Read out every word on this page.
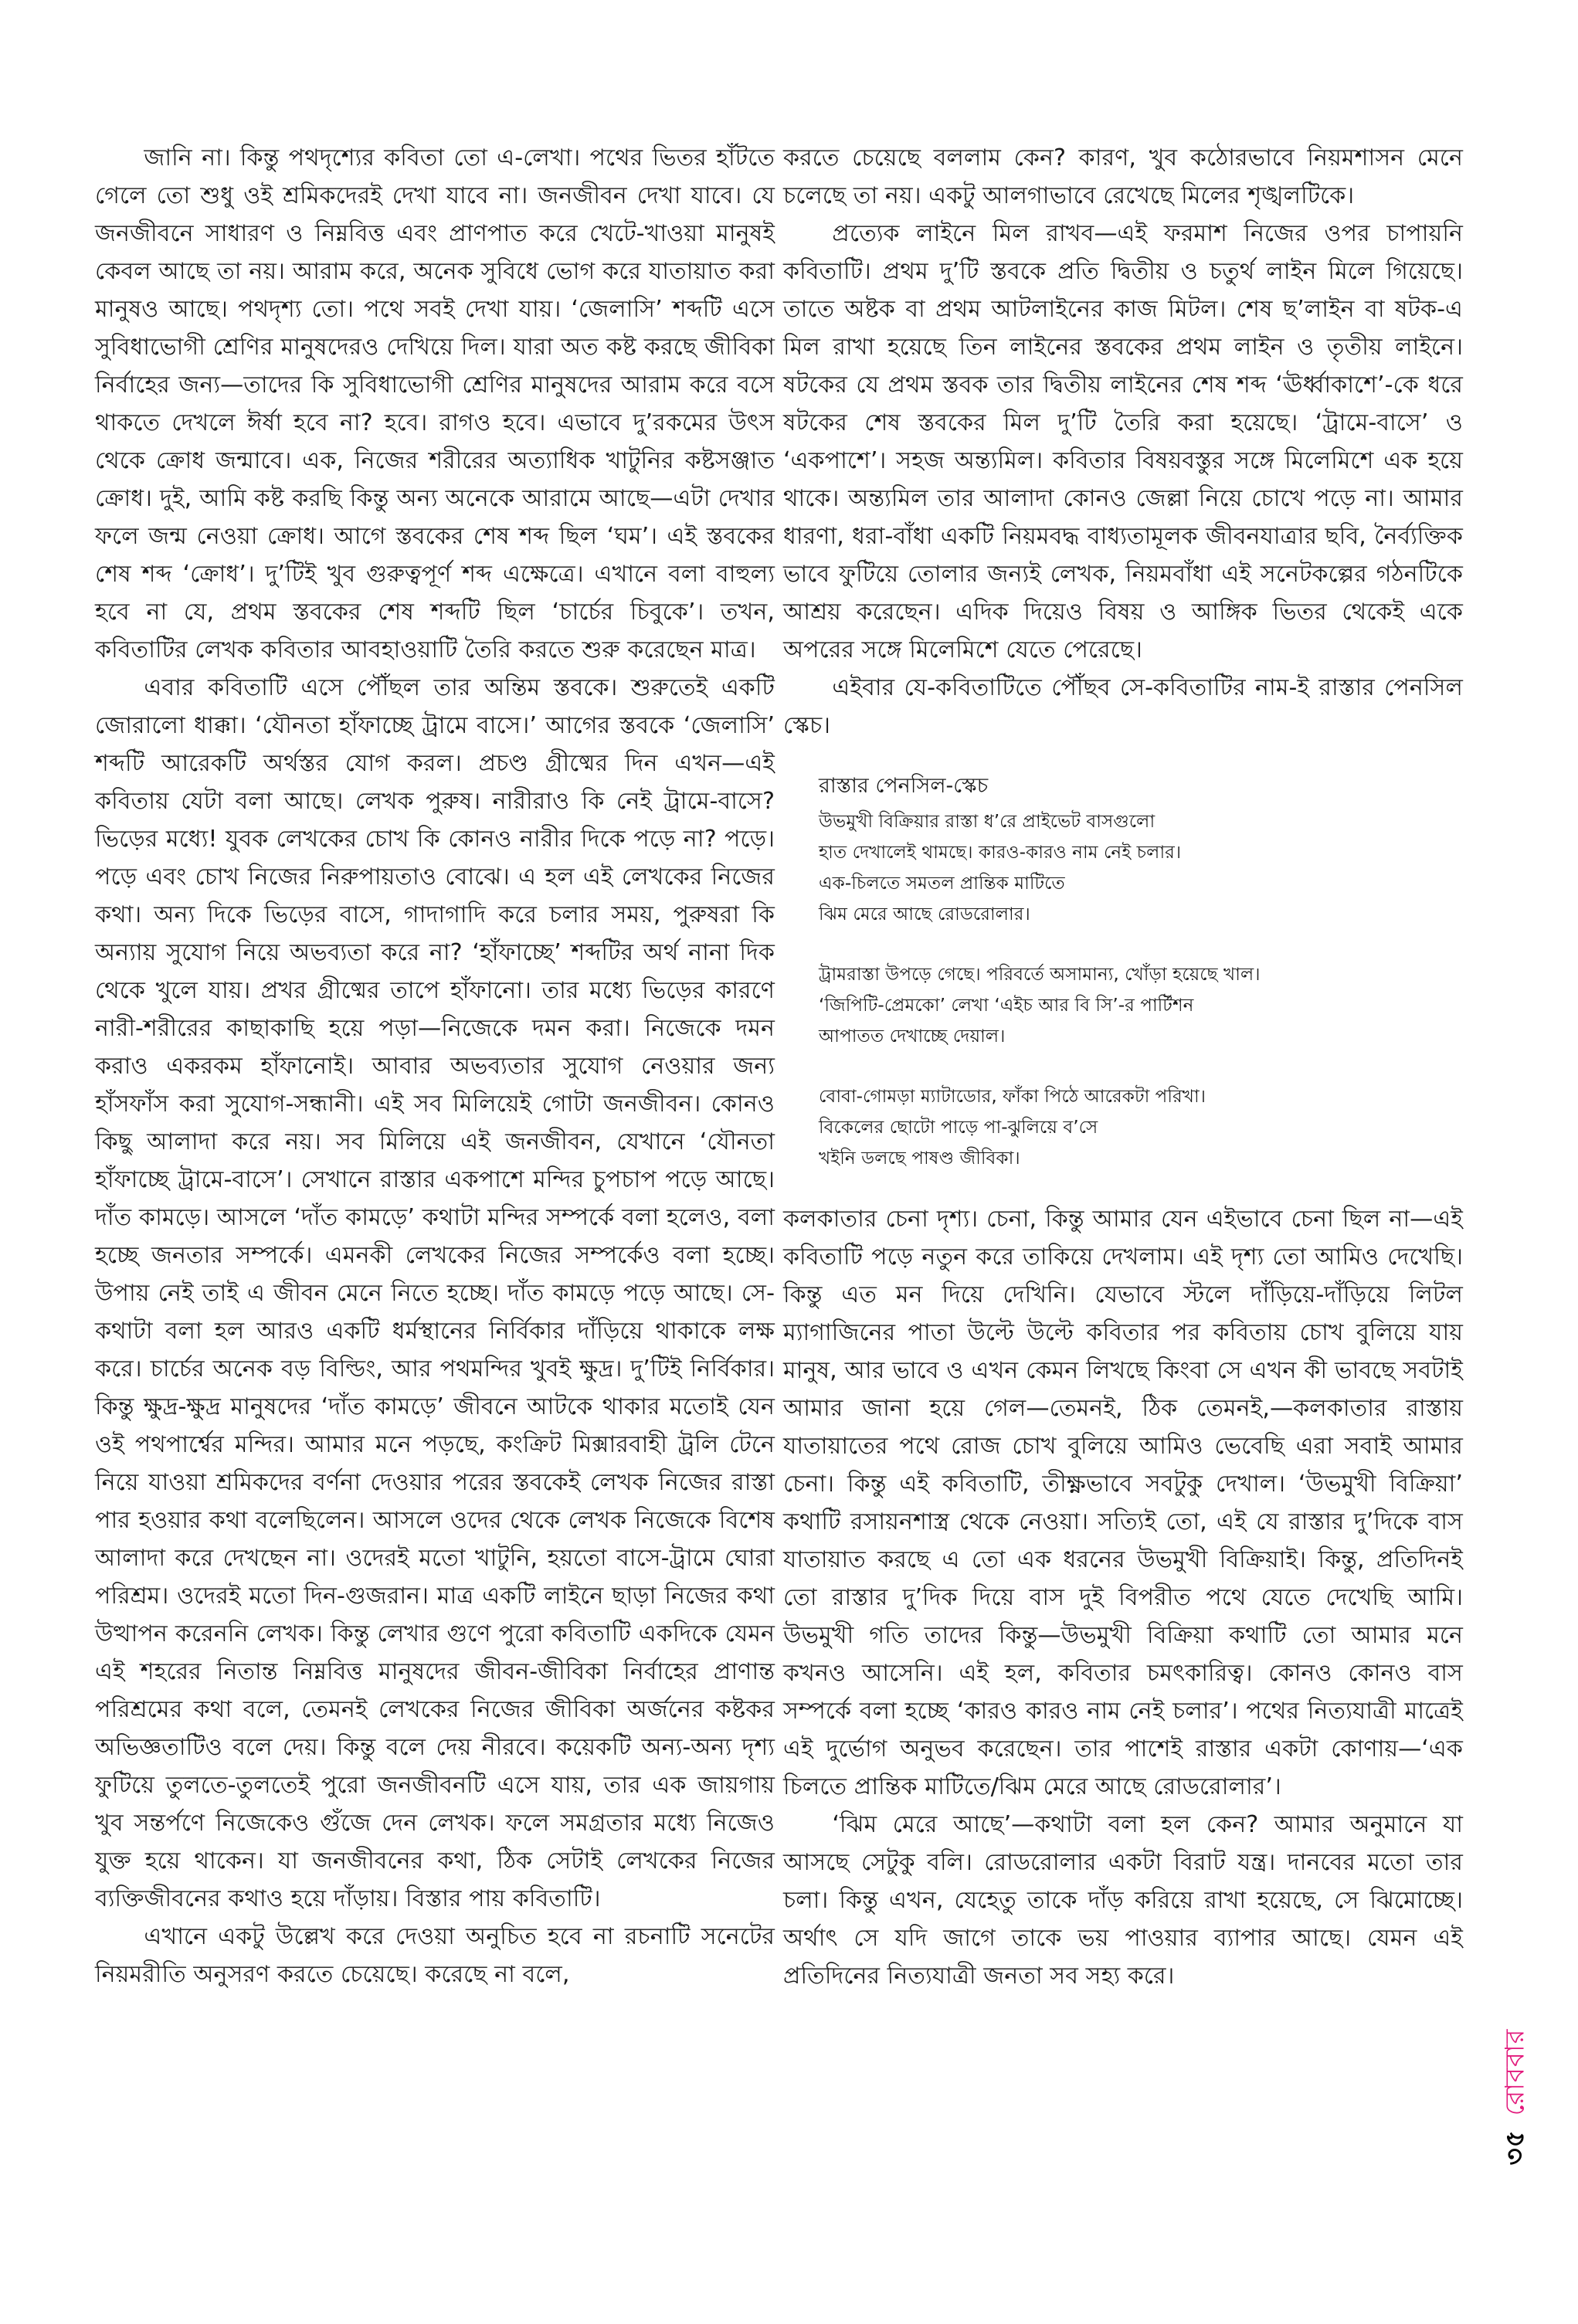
জানি না। কিন্তু পথদৃশ্যের কবিতা তো এ-লেখা। পথের ভিতর হাঁটতে গেলে তো শুধু ওই শ্রমিকদেরই দেখা যাবে না। জনজীবন দেখা যাবে। যে জনজীবনে সাধারণ ও নিম্নবিত্ত এবং প্রাণপাত করে খেটে-খাওয়া মানুষই কেবল আছে তা নয়। আরাম করে, অনেক সুবিধে ভোগ করে যাতায়াত করা মানুষও আছে। পথদৃশ্য তো। পথে সবই দেখা যায়। ‘জেলাসি’ শব্দটি এসে সুবিধাভোগী শ্রেণির মানুষদেরও দেখিয়ে দিল। যারা অত কষ্ট করছে জীবিকা নির্বাহের জন্য—তাদের কি সুবিধাভোগী শ্রেণির মানুষদের আরাম করে বসে থাকতে দেখলে ঈর্ষা হবে না? হবে। রাগও হবে। এভাবে দু’রকমের উৎস থেকে ক্রোধ জন্মাবে। এক, নিজের শরীরের অত্যাধিক খাটুনির কষ্টসঞ্জাত ক্রোধ। দুই, আমি কষ্ট করছি কিন্তু অন্য অনেকে আরামে আছে—এটা দেখার ফলে জন্ম নেওয়া ক্রোধ। আগে স্তবকের শেষ শব্দ ছিল ‘ঘম’। এই স্তবকের শেষ শব্দ ‘ক্রোধ’। দু’টিই খুব গুরুত্বপূর্ণ শব্দ এক্ষেত্রে। এখানে বলা বাহুল্য হবে না যে, প্রথম স্তবকের শেষ শব্দটি ছিল ‘চার্চের চিবুকে’। তখন, কবিতাটির লেখক কবিতার আবহাওয়াটি তৈরি করতে শুরু করেছেন মাত্র।

এবার কবিতাটি এসে পৌঁছল তার অন্তিম স্তবকে। শুরুতেই একটি জোরালো ধাক্কা। ‘যৌনতা হাঁফাচ্ছে ট্রামে বাসে।’ আগের স্তবকে ‘জেলাসি’ শব্দটি আরেকটি অর্থস্তর যোগ করল। প্রচণ্ড গ্রীষ্মের দিন এখন—এই কবিতায় যেটা বলা আছে। লেখক পুরুষ। নারীরাও কি নেই ট্রামে-বাসে? ভিড়ের মধ্যে! যুবক লেখকের চোখ কি কোনও নারীর দিকে পড়ে না? পড়ে। পড়ে এবং চোখ নিজের নিরুপায়তাও বোঝে। এ হল এই লেখকের নিজের কথা। অন্য দিকে ভিড়ের বাসে, গাদাগাদি করে চলার সময়, পুরুষরা কি অন্যায় সুযোগ নিয়ে অভব্যতা করে না? ‘হাঁফাচ্ছে’ শব্দটির অর্থ নানা দিক থেকে খুলে যায়। প্রখর গ্রীষ্মের তাপে হাঁফানো। তার মধ্যে ভিড়ের কারণে নারী-শরীরের কাছাকাছি হয়ে পড়া—নিজেকে দমন করা। নিজেকে দমন করাও একরকম হাঁফানোই। আবার অভব্যতার সুযোগ নেওয়ার জন্য হাঁসফাঁস করা সুযোগ-সন্ধানী। এই সব মিলিয়েই গোটা জনজীবন। কোনও কিছু আলাদা করে নয়। সব মিলিয়ে এই জনজীবন, যেখানে ‘যৌনতা হাঁফাচ্ছে ট্রামে-বাসে’। সেখানে রাস্তার একপাশে মন্দির চুপচাপ পড়ে আছে। দাঁত কামড়ে। আসলে ‘দাঁত কামড়ে’ কথাটা মন্দির সম্পর্কে বলা হলেও, বলা হচ্ছে জনতার সম্পর্কে। এমনকী লেখকের নিজের সম্পর্কেও বলা হচ্ছে। উপায় নেই তাই এ জীবন মেনে নিতে হচ্ছে। দাঁত কামড়ে পড়ে আছে। সে-কথাটা বলা হল আরও একটি ধর্মস্থানের নির্বিকার দাঁড়িয়ে থাকাকে লক্ষ করে। চার্চের অনেক বড় বিল্ডিং, আর পথমন্দির খুবই ক্ষুদ্র। দু’টিই নির্বিকার। কিন্তু ক্ষুদ্র-ক্ষুদ্র মানুষদের ‘দাঁত কামড়ে’ জীবনে আটকে থাকার মতোই যেন ওই পথপার্শ্বের মন্দির। আমার মনে পড়ছে, কংক্রিট মিক্সারবাহী ট্রলি টেনে নিয়ে যাওয়া শ্রমিকদের বর্ণনা দেওয়ার পরের স্তবকেই লেখক নিজের রাস্তা পার হওয়ার কথা বলেছিলেন। আসলে ওদের থেকে লেখক নিজেকে বিশেষ আলাদা করে দেখছেন না। ওদেরই মতো খাটুনি, হয়তো বাসে-ট্রামে ঘোরা পরিশ্রম। ওদেরই মতো দিন-গুজরান। মাত্র একটি লাইনে ছাড়া নিজের কথা উত্থাপন করেননি লেখক। কিন্তু লেখার গুণে পুরো কবিতাটি একদিকে যেমন এই শহরের নিতান্ত নিম্নবিত্ত মানুষদের জীবন-জীবিকা নির্বাহের প্রাণান্ত পরিশ্রমের কথা বলে, তেমনই লেখকের নিজের জীবিকা অর্জনের কষ্টকর অভিজ্ঞতাটিও বলে দেয়। কিন্তু বলে দেয় নীরবে। কয়েকটি অন্য-অন্য দৃশ্য ফুটিয়ে তুলতে-তুলতেই পুরো জনজীবনটি এসে যায়, তার এক জায়গায় খুব সন্তর্পণে নিজেকেও গুঁজে দেন লেখক। ফলে সমগ্রতার মধ্যে নিজেও যুক্ত হয়ে থাকেন। যা জনজীবনের কথা, ঠিক সেটাই লেখকের নিজের ব্যক্তিজীবনের কথাও হয়ে দাঁড়ায়। বিস্তার পায় কবিতাটি।

এখানে একটু উল্লেখ করে দেওয়া অনুচিত হবে না রচনাটি সনেটের নিয়মরীতি অনুসরণ করতে চেয়েছে। করেছে না বলে,

করতে চেয়েছে বললাম কেন? কারণ, খুব কঠোরভাবে নিয়মশাসন মেনে চলেছে তা নয়। একটু আলগাভাবে রেখেছে মিলের শৃঙ্খলটিকে।

প্রত্যেক লাইনে মিল রাখব—এই ফরমাশ নিজের ওপর চাপায়নি কবিতাটি। প্রথম দু’টি স্তবকে প্রতি দ্বিতীয় ও চতুর্থ লাইন মিলে গিয়েছে। তাতে অষ্টক বা প্রথম আটলাইনের কাজ মিটল। শেষ ছ’লাইন বা ষটক-এ মিল রাখা হয়েছে তিন লাইনের স্তবকের প্রথম লাইন ও তৃতীয় লাইনে। ষটকের যে প্রথম স্তবক তার দ্বিতীয় লাইনের শেষ শব্দ ‘ঊর্ধ্বাকাশে’-কে ধরে ষটকের শেষ স্তবকের মিল দু’টি তৈরি করা হয়েছে। ‘ট্রামে-বাসে’ ও ‘একপাশে’। সহজ অন্ত্যমিল। কবিতার বিষয়বস্তুর সঙ্গে মিলেমিশে এক হয়ে থাকে। অন্ত্যমিল তার আলাদা কোনও জেল্লা নিয়ে চোখে পড়ে না। আমার ধারণা, ধরা-বাঁধা একটি নিয়মবদ্ধ বাধ্যতামূলক জীবনযাত্রার ছবি, নৈর্ব্যক্তিক ভাবে ফুটিয়ে তোলার জন্যই লেখক, নিয়মবাঁধা এই সনেটকল্পের গঠনটিকে আশ্রয় করেছেন। এদিক দিয়েও বিষয় ও আঙ্গিক ভিতর থেকেই একে অপরের সঙ্গে মিলেমিশে যেতে পেরেছে।

এইবার যে-কবিতাটিতে পৌঁছব সে-কবিতাটির নাম-ই রাস্তার পেনসিল স্কেচ।

রাস্তার পেনসিল-স্কেচ
উভমুখী বিক্রিয়ার রাস্তা ধ’রে প্রাইভেট বাসগুলো
হাত দেখালেই থামছে। কারও-কারও নাম নেই চলার।
এক-চিলতে সমতল প্রান্তিক মাটিতে
ঝিম মেরে আছে রোডরোলার।
ট্রামরাস্তা উপড়ে গেছে। পরিবর্তে অসামান্য, খোঁড়া হয়েছে খাল।
‘জিপিটি-প্রেমকো’ লেখা ‘এইচ আর বি সি’-র পার্টিশন
আপাতত দেখাচ্ছে দেয়াল।
বোবা-গোমড়া ম্যাটাডোর, ফাঁকা পিঠে আরেকটা পরিখা।
বিকেলের ছোটো পাড়ে পা-ঝুলিয়ে ব’সে
খইনি ডলছে পাষণ্ড জীবিকা।

কলকাতার চেনা দৃশ্য। চেনা, কিন্তু আমার যেন এইভাবে চেনা ছিল না—এই কবিতাটি পড়ে নতুন করে তাকিয়ে দেখলাম। এই দৃশ্য তো আমিও দেখেছি। কিন্তু এত মন দিয়ে দেখিনি। যেভাবে স্টলে দাঁড়িয়ে-দাঁড়িয়ে লিটল ম্যাগাজিনের পাতা উল্টে উল্টে কবিতার পর কবিতায় চোখ বুলিয়ে যায় মানুষ, আর ভাবে ও এখন কেমন লিখছে কিংবা সে এখন কী ভাবছে সবটাই আমার জানা হয়ে গেল—তেমনই, ঠিক তেমনই,—কলকাতার রাস্তায় যাতায়াতের পথে রোজ চোখ বুলিয়ে আমিও ভেবেছি এরা সবাই আমার চেনা। কিন্তু এই কবিতাটি, তীক্ষ্ণভাবে সবটুকু দেখাল। ‘উভমুখী বিক্রিয়া’ কথাটি রসায়নশাস্ত্র থেকে নেওয়া। সত্যিই তো, এই যে রাস্তার দু’দিকে বাস যাতায়াত করছে এ তো এক ধরনের উভমুখী বিক্রিয়াই। কিন্তু, প্রতিদিনই তো রাস্তার দু’দিক দিয়ে বাস দুই বিপরীত পথে যেতে দেখেছি আমি। উভমুখী গতি তাদের কিন্তু—উভমুখী বিক্রিয়া কথাটি তো আমার মনে কখনও আসেনি। এই হল, কবিতার চমৎকারিত্ব। কোনও কোনও বাস সম্পর্কে বলা হচ্ছে ‘কারও কারও নাম নেই চলার’। পথের নিত্যযাত্রী মাত্রেই এই দুর্ভোগ অনুভব করেছেন। তার পাশেই রাস্তার একটা কোণায়—‘এক চিলতে প্রান্তিক মাটিতে/ঝিম মেরে আছে রোডরোলার’।

‘ঝিম মেরে আছে’—কথাটা বলা হল কেন? আমার অনুমানে যা আসছে সেটুকু বলি। রোডরোলার একটা বিরাট যন্ত্র। দানবের মতো তার চলা। কিন্তু এখন, যেহেতু তাকে দাঁড় করিয়ে রাখা হয়েছে, সে ঝিমোচ্ছে। অর্থাৎ সে যদি জাগে তাকে ভয় পাওয়ার ব্যাপার আছে। যেমন এই প্রতিদিনের নিত্যযাত্রী জনতা সব সহ্য করে।

৩৫রোববার
